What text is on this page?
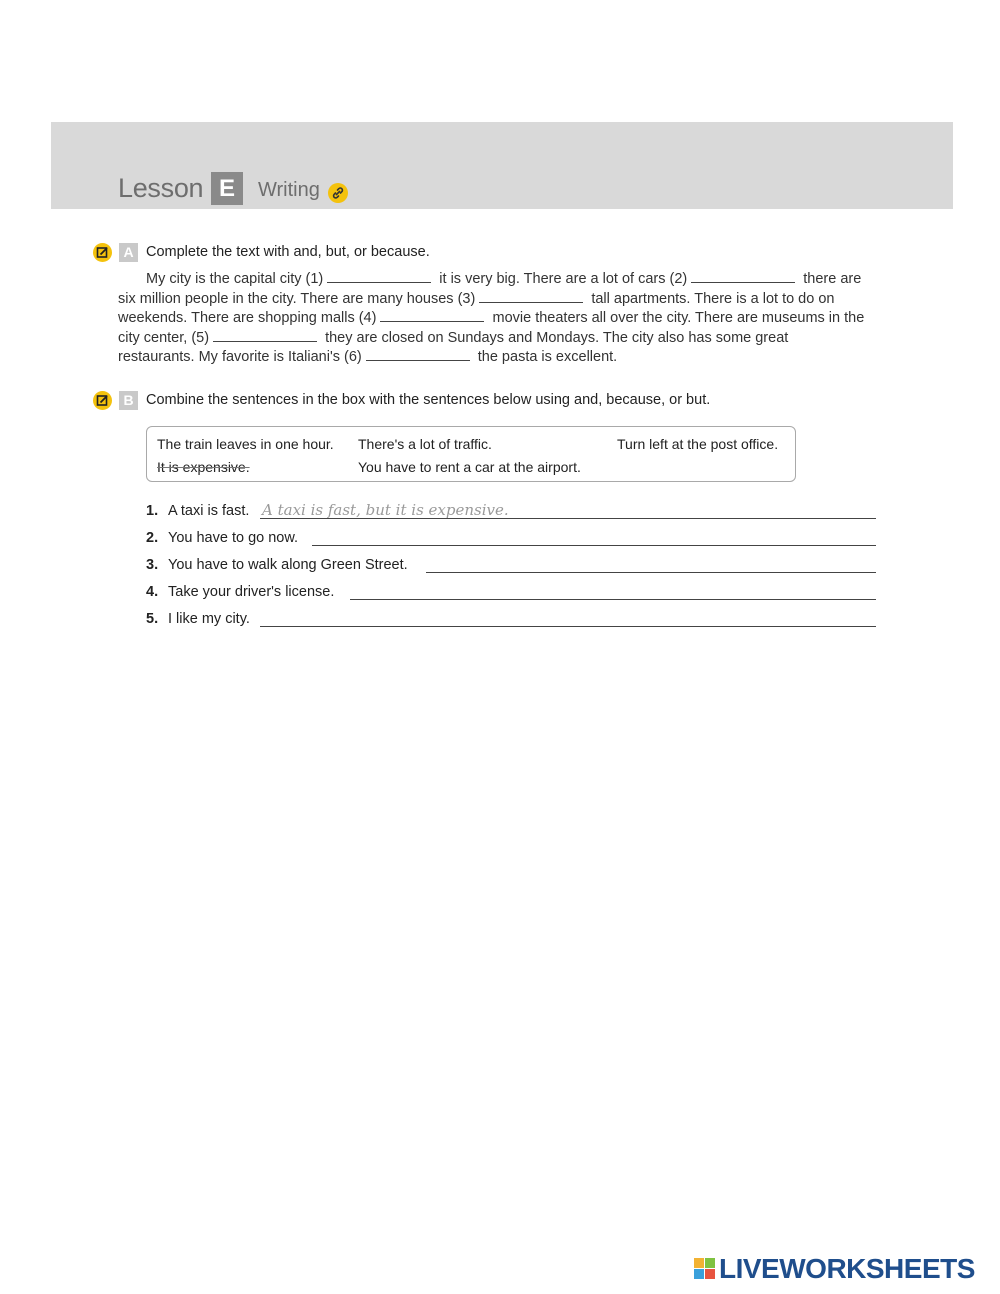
Lesson E	Writing
A Complete the text with and, but, or because.
My city is the capital city (1)	it is very big. There are a lot of cars (2)	there are six million people in the city. There are many houses (3)	tall apartments. There is a lot to do on weekends. There are shopping malls (4)	movie theaters all over the city. There are museums in the city center, (5)	they are closed on Sundays and Mondays. The city also has some great restaurants. My favorite is Italiani's (6)	the pasta is excellent.
B Combine the sentences in the box with the sentences below using and, because, or but.
The train leaves in one hour. There's a lot of traffic.	Turn left at the post office.
It is expensive.	You have to rent a car at the airport.
1. A taxi is fast. A taxi is fast, but it is expensive.
2. You have to go now.
3. You have to walk along Green Street.
4. Take your driver's license.
5. I like my city.
LIVEWORKSHEETS
